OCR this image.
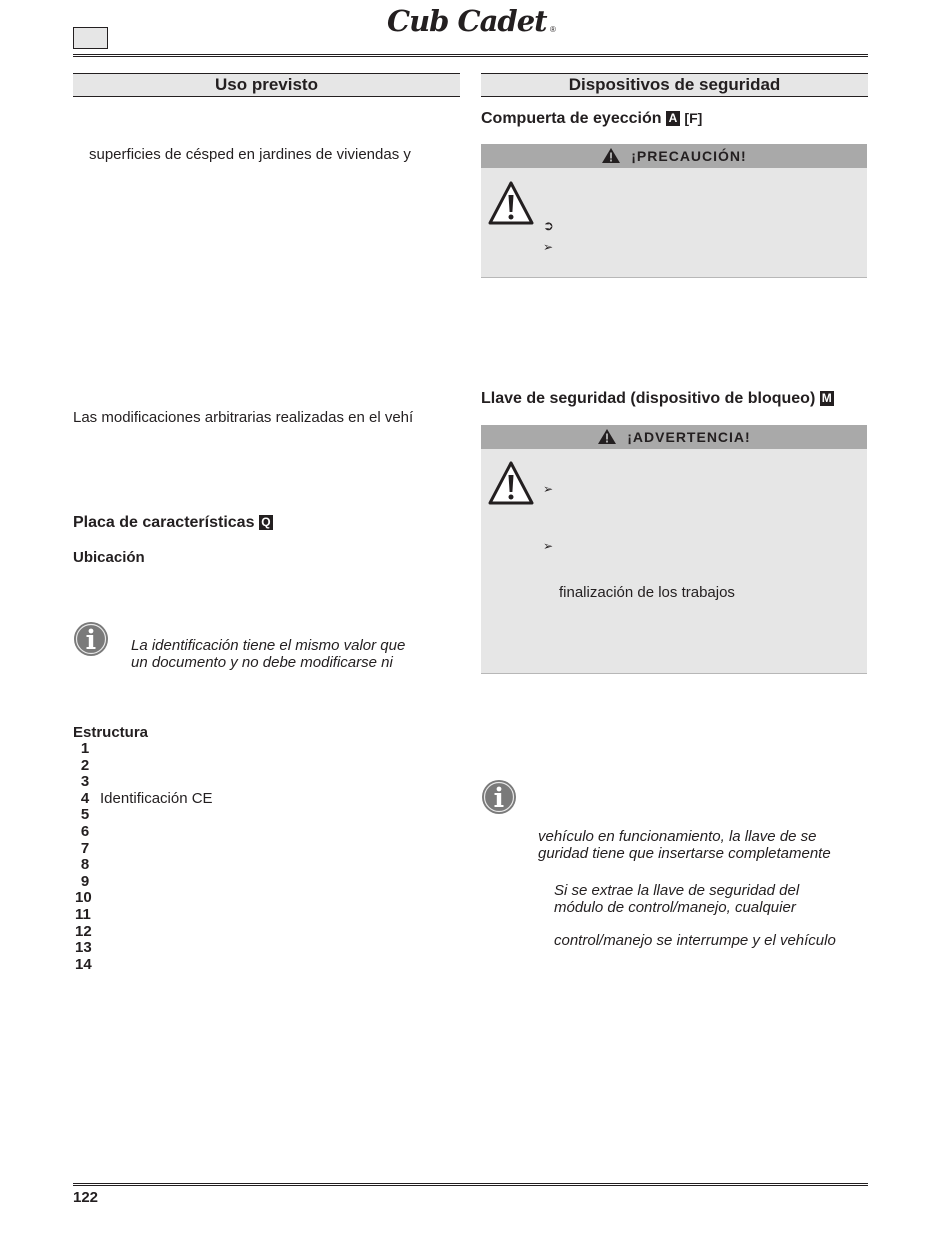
Cub Cadet ®
Uso previsto
superficies de césped en jardines de viviendas y
Las modificaciones arbitrarias realizadas en el vehí
Placa de características Q
Ubicación
La identificación tiene el mismo valor que
un documento y no debe modificarse ni
Estructura
1
2
3
4 Identificación CE
5
6
7
8
9
10
11
12
13
14
Dispositivos de seguridad
Compuerta de eyección A [F]
¡PRECAUCIÓN!
➲
➢
Llave de seguridad (dispositivo de bloqueo) M
¡ADVERTENCIA!
➢
➢
finalización de los trabajos
vehículo en funcionamiento, la llave de se
guridad tiene que insertarse completamente
Si se extrae la llave de seguridad del
módulo de control/manejo, cualquier
control/manejo se interrumpe y el vehículo
122
